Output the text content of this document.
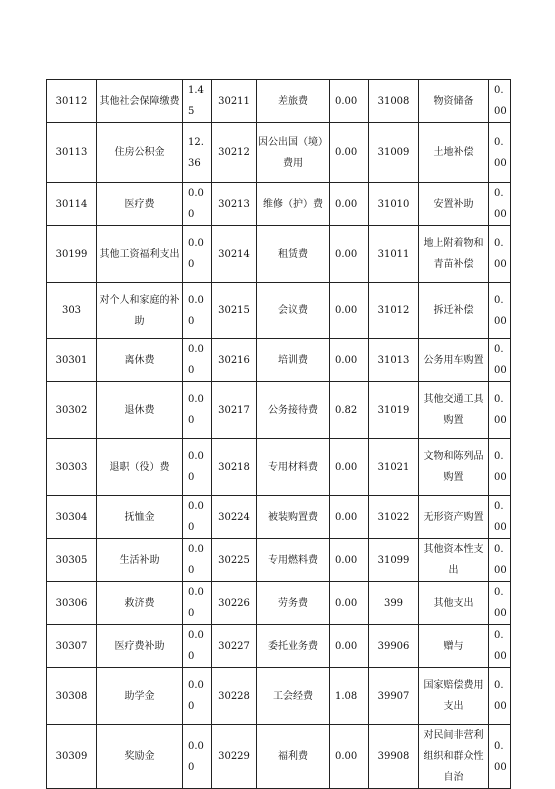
30112	其他社会保障缴费	1.45	30211	差旅费	0.00	31008	物资储备	0.00
30113	住房公积金	12.36	30212	因公出国（境）费用	0.00	31009	土地补偿	0.00
30114	医疗费	0.00	30213	维修（护）费	0.00	31010	安置补助	0.00
30199	其他工资福利支出	0.00	30214	租赁费	0.00	31011	地上附着物和青苗补偿	0.00
303	对个人和家庭的补助	0.00	30215	会议费	0.00	31012	拆迁补偿	0.00
30301	离休费	0.00	30216	培训费	0.00	31013	公务用车购置	0.00
30302	退休费	0.00	30217	公务接待费	0.82	31019	其他交通工具购置	0.00
30303	退职（役）费	0.00	30218	专用材料费	0.00	31021	文物和陈列品购置	0.00
30304	抚恤金	0.00	30224	被装购置费	0.00	31022	无形资产购置	0.00
30305	生活补助	0.00	30225	专用燃料费	0.00	31099	其他资本性支出	0.00
30306	救济费	0.00	30226	劳务费	0.00	399	其他支出	0.00
30307	医疗费补助	0.00	30227	委托业务费	0.00	39906	赠与	0.00
30308	助学金	0.00	30228	工会经费	1.08	39907	国家赔偿费用支出	0.00
30309	奖励金	0.00	30229	福利费	0.00	39908	对民间非营利组织和群众性自治	0.00
